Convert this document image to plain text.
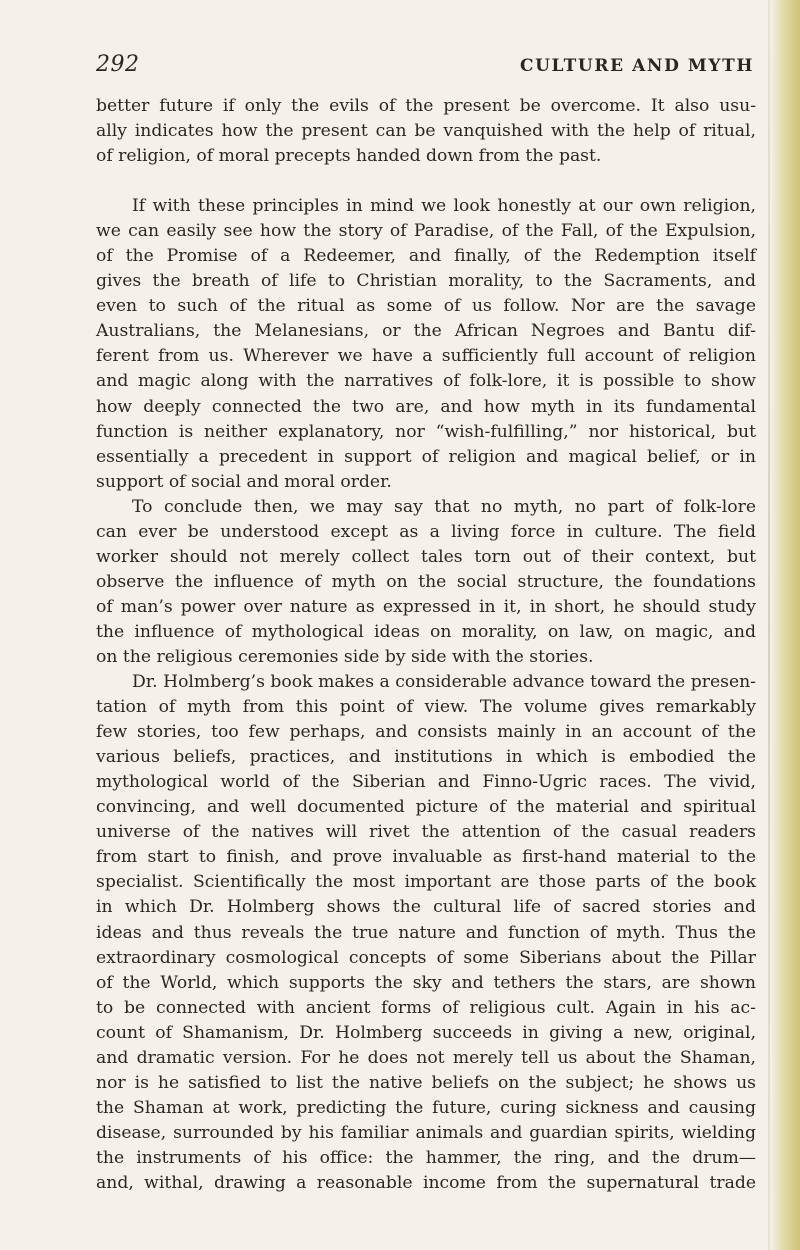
292	CULTURE AND MYTH
better future if only the evils of the present be overcome. It also usu-
ally indicates how the present can be vanquished with the help of ritual,
of religion, of moral precepts handed down from the past.
If with these principles in mind we look honestly at our own religion,
we can easily see how the story of Paradise, of the Fall, of the Expulsion,
of the Promise of a Redeemer, and finally, of the Redemption itself
gives the breath of life to Christian morality, to the Sacraments, and
even to such of the ritual as some of us follow. Nor are the savage
Australians, the Melanesians, or the African Negroes and Bantu dif-
ferent from us. Wherever we have a sufficiently full account of religion
and magic along with the narratives of folk-lore, it is possible to show
how deeply connected the two are, and how myth in its fundamental
function is neither explanatory, nor “wish-fulfilling,” nor historical, but
essentially a precedent in support of religion and magical belief, or in
support of social and moral order.
To conclude then, we may say that no myth, no part of folk-lore
can ever be understood except as a living force in culture. The field
worker should not merely collect tales torn out of their context, but
observe the influence of myth on the social structure, the foundations
of man’s power over nature as expressed in it, in short, he should study
the influence of mythological ideas on morality, on law, on magic, and
on the religious ceremonies side by side with the stories.
Dr. Holmberg’s book makes a considerable advance toward the presen-
tation of myth from this point of view. The volume gives remarkably
few stories, too few perhaps, and consists mainly in an account of the
various beliefs, practices, and institutions in which is embodied the
mythological world of the Siberian and Finno-Ugric races. The vivid,
convincing, and well documented picture of the material and spiritual
universe of the natives will rivet the attention of the casual readers
from start to finish, and prove invaluable as first-hand material to the
specialist. Scientifically the most important are those parts of the book
in which Dr. Holmberg shows the cultural life of sacred stories and
ideas and thus reveals the true nature and function of myth. Thus the
extraordinary cosmological concepts of some Siberians about the Pillar
of the World, which supports the sky and tethers the stars, are shown
to be connected with ancient forms of religious cult. Again in his ac-
count of Shamanism, Dr. Holmberg succeeds in giving a new, original,
and dramatic version. For he does not merely tell us about the Shaman,
nor is he satisfied to list the native beliefs on the subject; he shows us
the Shaman at work, predicting the future, curing sickness and causing
disease, surrounded by his familiar animals and guardian spirits, wielding
the instruments of his office: the hammer, the ring, and the drum—
and, withal, drawing a reasonable income from the supernatural trade
